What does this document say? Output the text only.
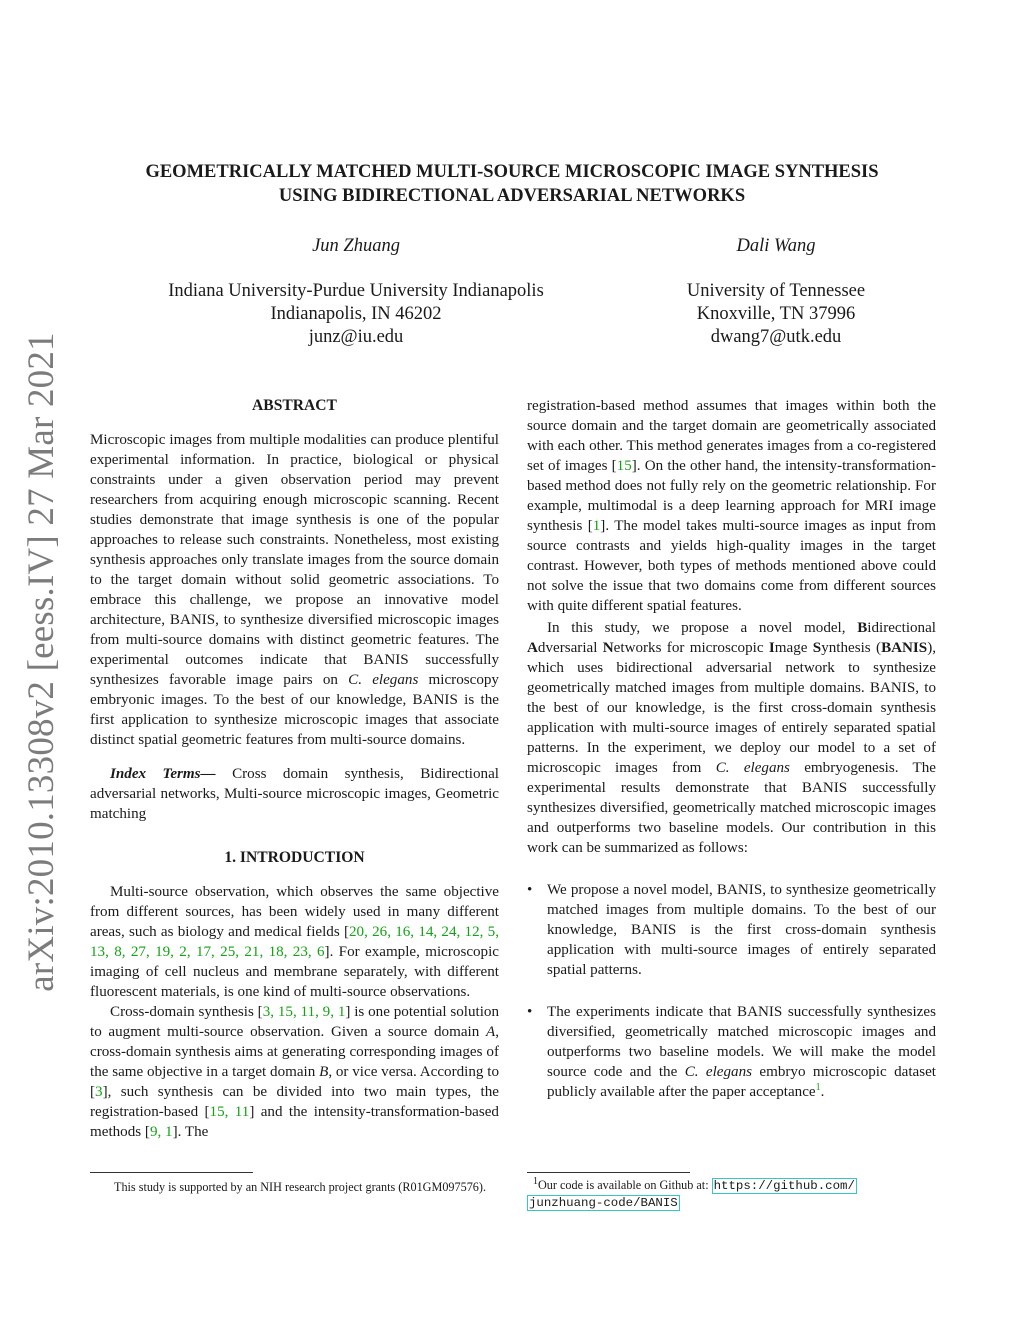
arXiv:2010.13308v2 [eess.IV] 27 Mar 2021
GEOMETRICALLY MATCHED MULTI-SOURCE MICROSCOPIC IMAGE SYNTHESIS
USING BIDIRECTIONAL ADVERSARIAL NETWORKS
Jun Zhuang
Indiana University-Purdue University Indianapolis
Indianapolis, IN 46202
junz@iu.edu
Dali Wang
University of Tennessee
Knoxville, TN 37996
dwang7@utk.edu
ABSTRACT

Microscopic images from multiple modalities can produce plentiful experimental information. In practice, biological or physical constraints under a given observation period may prevent researchers from acquiring enough microscopic scanning. Recent studies demonstrate that image synthesis is one of the popular approaches to release such constraints. Nonetheless, most existing synthesis approaches only translate images from the source domain to the target domain without solid geometric associations. To embrace this challenge, we propose an innovative model architecture, BANIS, to synthesize diversified microscopic images from multi-source domains with distinct geometric features. The experimental outcomes indicate that BANIS successfully synthesizes favorable image pairs on C. elegans microscopy embryonic images. To the best of our knowledge, BANIS is the first application to synthesize microscopic images that associate distinct spatial geometric features from multi-source domains.

Index Terms— Cross domain synthesis, Bidirectional adversarial networks, Multi-source microscopic images, Geometric matching

1. INTRODUCTION

Multi-source observation, which observes the same objective from different sources, has been widely used in many different areas, such as biology and medical fields [20, 26, 16, 14, 24, 12, 5, 13, 8, 27, 19, 2, 17, 25, 21, 18, 23, 6]. For example, microscopic imaging of cell nucleus and membrane separately, with different fluorescent materials, is one kind of multi-source observations.

Cross-domain synthesis [3, 15, 11, 9, 1] is one potential solution to augment multi-source observation. Given a source domain A, cross-domain synthesis aims at generating corresponding images of the same objective in a target domain B, or vice versa. According to [3], such synthesis can be divided into two main types, the registration-based [15, 11] and the intensity-transformation-based methods [9, 1]. The

This study is supported by an NIH research project grants (R01GM097576).

registration-based method assumes that images within both the source domain and the target domain are geometrically associated with each other. This method generates images from a co-registered set of images [15]. On the other hand, the intensity-transformation-based method does not fully rely on the geometric relationship. For example, multimodal is a deep learning approach for MRI image synthesis [1]. The model takes multi-source images as input from source contrasts and yields high-quality images in the target contrast. However, both types of methods mentioned above could not solve the issue that two domains come from different sources with quite different spatial features.

In this study, we propose a novel model, Bidirectional Adversarial Networks for microscopic Image Synthesis (BANIS), which uses bidirectional adversarial network to synthesize geometrically matched images from multiple domains. BANIS, to the best of our knowledge, is the first cross-domain synthesis application with multi-source images of entirely separated spatial patterns. In the experiment, we deploy our model to a set of microscopic images from C. elegans embryogenesis. The experimental results demonstrate that BANIS successfully synthesizes diversified, geometrically matched microscopic images and outperforms two baseline models. Our contribution in this work can be summarized as follows:

• We propose a novel model, BANIS, to synthesize geometrically matched images from multiple domains. To the best of our knowledge, BANIS is the first cross-domain synthesis application with multi-source images of entirely separated spatial patterns.
• The experiments indicate that BANIS successfully synthesizes diversified, geometrically matched microscopic images and outperforms two baseline models. We will make the model source code and the C. elegans embryo microscopic dataset publicly available after the paper acceptance$^1$.
$^1$Our code is available on Github at: https://github.com/
junzhuang-code/BANIS
